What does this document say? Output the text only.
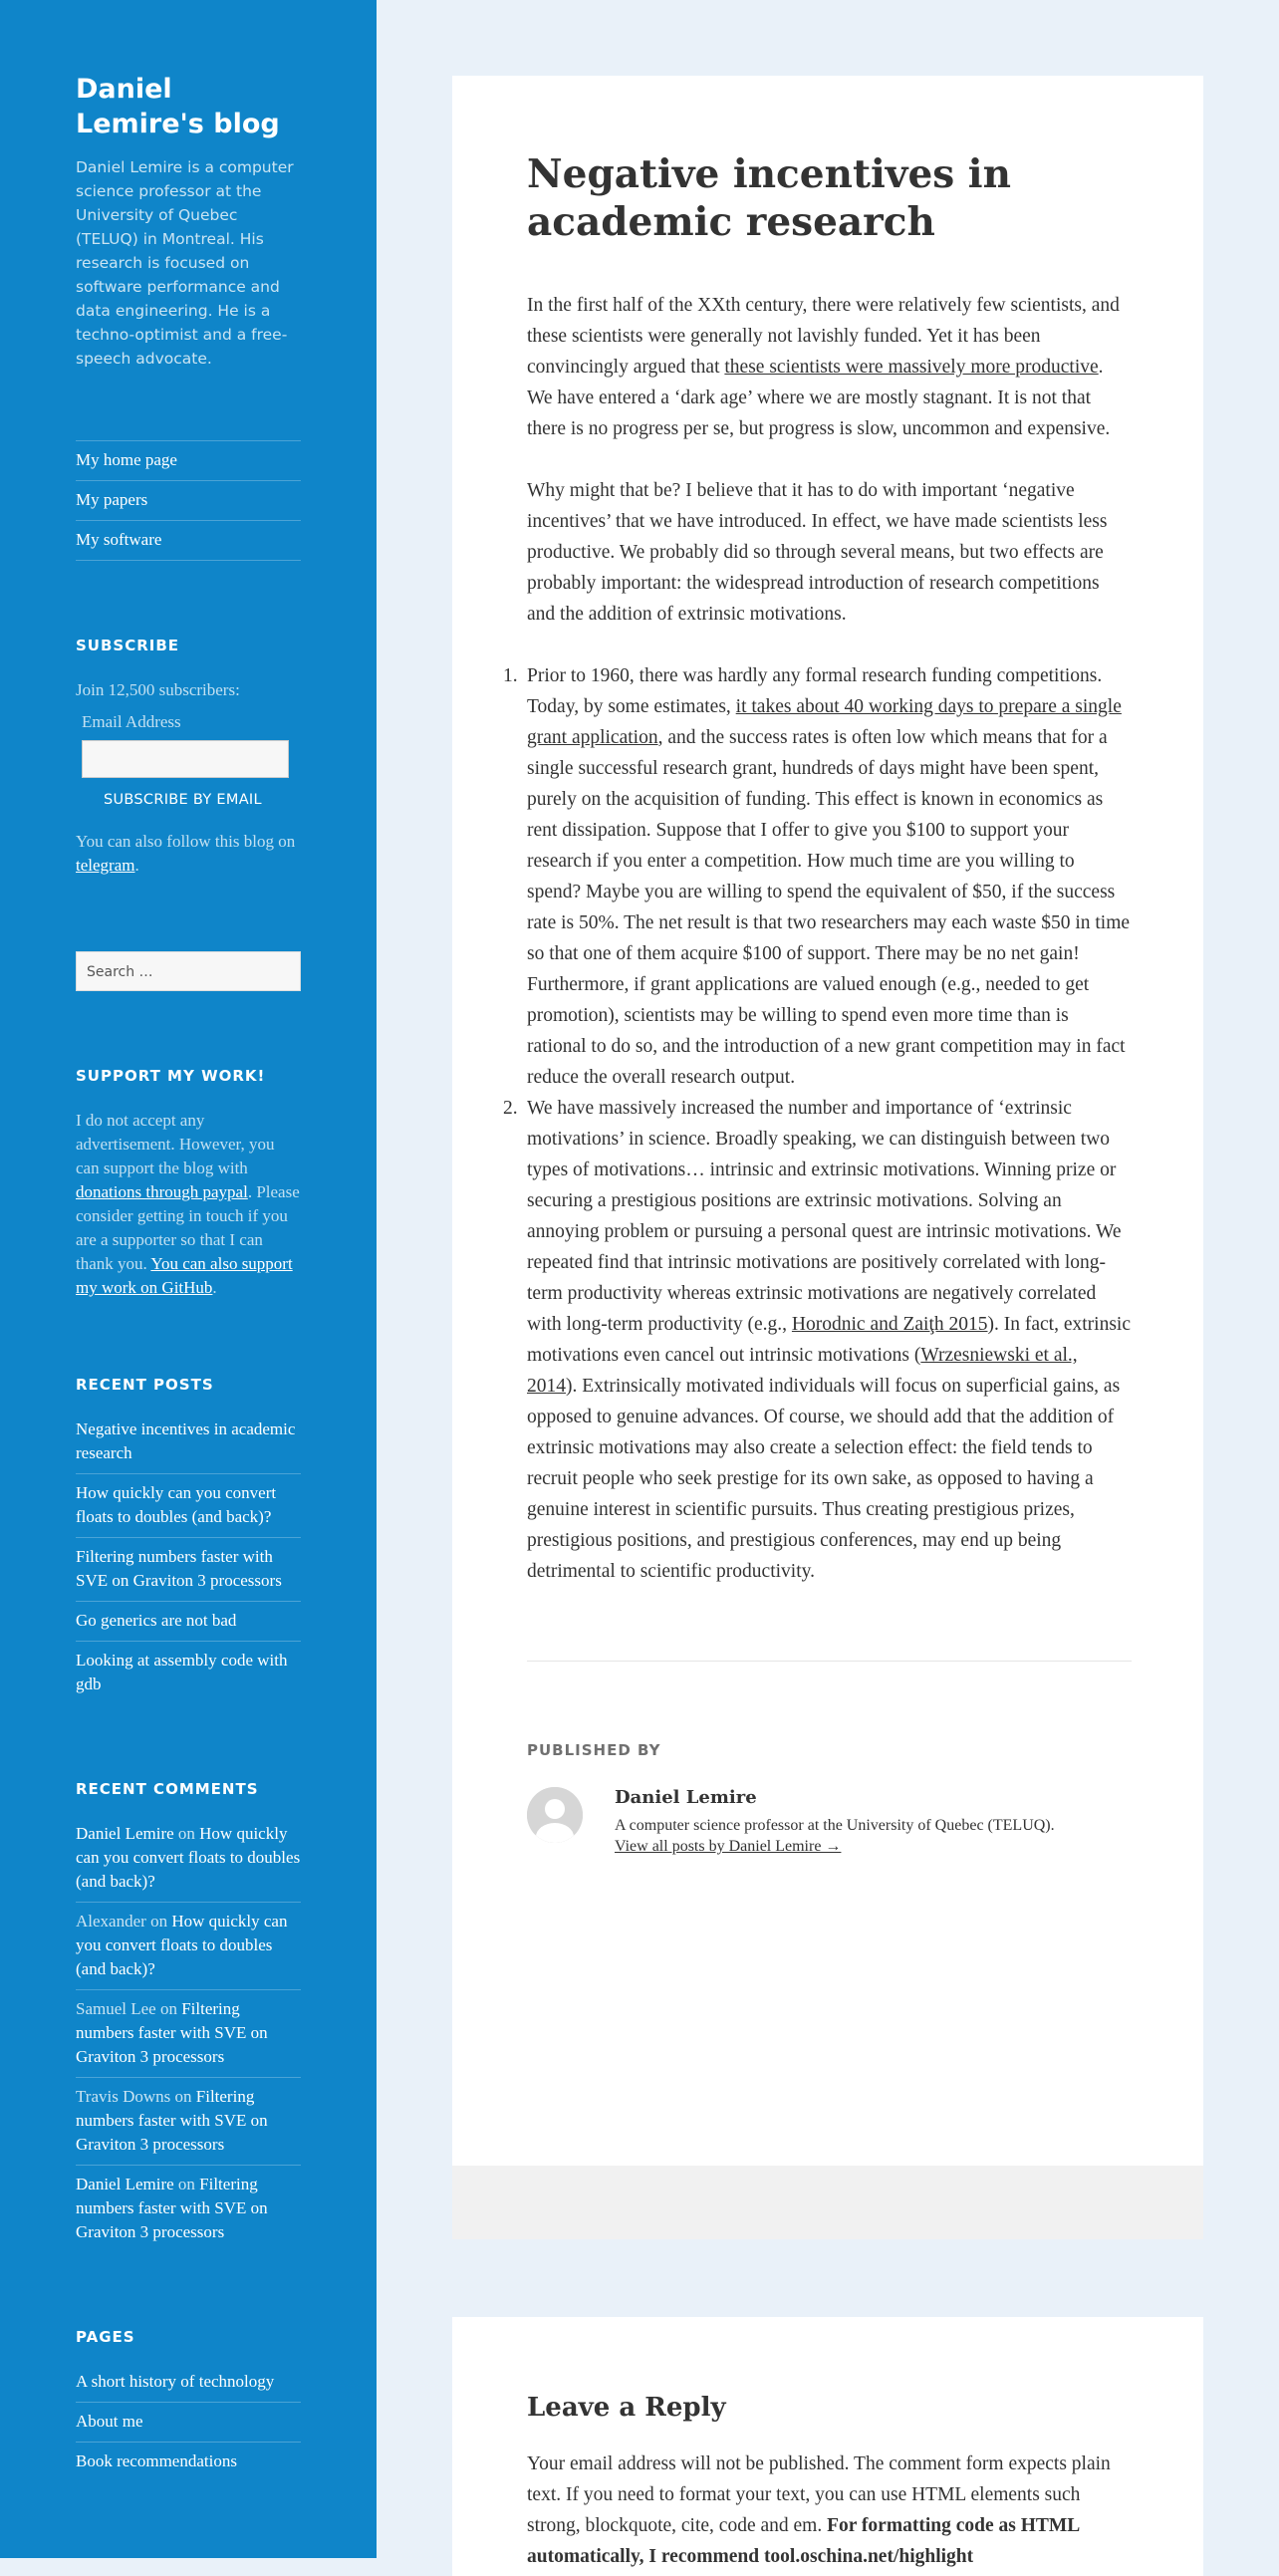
Daniel Lemire's blog

Daniel Lemire is a computer science professor at the University of Quebec (TELUQ) in Montreal. His research is focused on software performance and data engineering. He is a techno-optimist and a free-speech advocate.

My home page
My papers
My software
SUBSCRIBE
Join 12,500 subscribers:
Email Address
SUBSCRIBE BY EMAIL
You can also follow this blog on telegram.
Search …
SUPPORT MY WORK!
I do not accept any advertisement. However, you can support the blog with donations through paypal. Please consider getting in touch if you are a supporter so that I can thank you. You can also support my work on GitHub.
RECENT POSTS
Negative incentives in academic research
How quickly can you convert floats to doubles (and back)?
Filtering numbers faster with SVE on Graviton 3 processors
Go generics are not bad
Looking at assembly code with gdb
RECENT COMMENTS
Daniel Lemire on How quickly can you convert floats to doubles (and back)?
Alexander on How quickly can you convert floats to doubles (and back)?
Samuel Lee on Filtering numbers faster with SVE on Graviton 3 processors
Travis Downs on Filtering numbers faster with SVE on Graviton 3 processors
Daniel Lemire on Filtering numbers faster with SVE on Graviton 3 processors
PAGES
A short history of technology
About me
Book recommendations
Negative incentives in academic research

In the first half of the XXth century, there were relatively few scientists, and these scientists were generally not lavishly funded. Yet it has been convincingly argued that these scientists were massively more productive. We have entered a ‘dark age’ where we are mostly stagnant. It is not that there is no progress per se, but progress is slow, uncommon and expensive.

Why might that be? I believe that it has to do with important ‘negative incentives’ that we have introduced. In effect, we have made scientists less productive. We probably did so through several means, but two effects are probably important: the widespread introduction of research competitions and the addition of extrinsic motivations.

1. Prior to 1960, there was hardly any formal research funding competitions. Today, by some estimates, it takes about 40 working days to prepare a single grant application, and the success rates is often low which means that for a single successful research grant, hundreds of days might have been spent, purely on the acquisition of funding. This effect is known in economics as rent dissipation. Suppose that I offer to give you $100 to support your research if you enter a competition. How much time are you willing to spend? Maybe you are willing to spend the equivalent of $50, if the success rate is 50%. The net result is that two researchers may each waste $50 in time so that one of them acquire $100 of support. There may be no net gain! Furthermore, if grant applications are valued enough (e.g., needed to get promotion), scientists may be willing to spend even more time than is rational to do so, and the introduction of a new grant competition may in fact reduce the overall research output.
2. We have massively increased the number and importance of ‘extrinsic motivations’ in science. Broadly speaking, we can distinguish between two types of motivations… intrinsic and extrinsic motivations. Winning prize or securing a prestigious positions are extrinsic motivations. Solving an annoying problem or pursuing a personal quest are intrinsic motivations. We repeated find that intrinsic motivations are positively correlated with long-term productivity whereas extrinsic motivations are negatively correlated with long-term productivity (e.g., Horodnic and Zaiţh 2015). In fact, extrinsic motivations even cancel out intrinsic motivations (Wrzesniewski et al., 2014). Extrinsically motivated individuals will focus on superficial gains, as opposed to genuine advances. Of course, we should add that the addition of extrinsic motivations may also create a selection effect: the field tends to recruit people who seek prestige for its own sake, as opposed to having a genuine interest in scientific pursuits. Thus creating prestigious prizes, prestigious positions, and prestigious conferences, may end up being detrimental to scientific productivity.
PUBLISHED BY
Daniel Lemire
A computer science professor at the University of Quebec (TELUQ).
View all posts by Daniel Lemire →
Leave a Reply
Your email address will not be published. The comment form expects plain text. If you need to format your text, you can use HTML elements such strong, blockquote, cite, code and em. For formatting code as HTML automatically, I recommend tool.oschina.net/highlight
